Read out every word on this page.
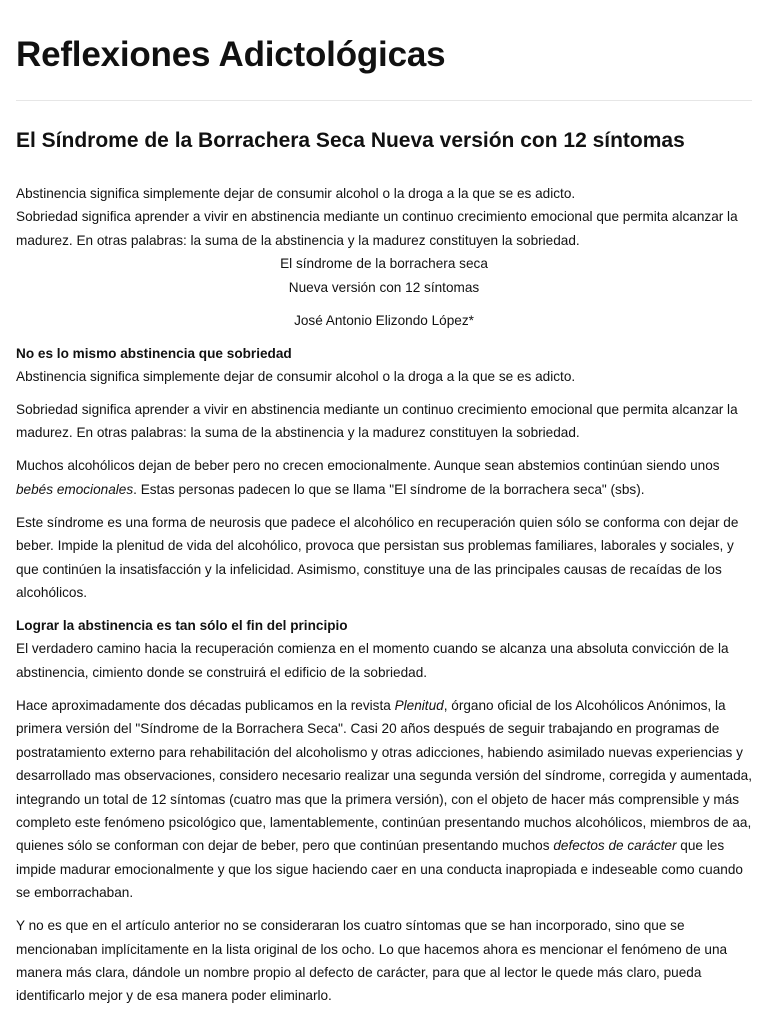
Reflexiones Adictológicas
El Síndrome de la Borrachera Seca Nueva versión con 12 síntomas

Abstinencia significa simplemente dejar de consumir alcohol o la droga a la que se es adicto.

Sobriedad significa aprender a vivir en abstinencia mediante un continuo crecimiento emocional que permita alcanzar la madurez. En otras palabras: la suma de la abstinencia y la madurez constituyen la sobriedad.

El síndrome de la borrachera seca

Nueva versión con 12 síntomas

José Antonio Elizondo López*

No es lo mismo abstinencia que sobriedad

Abstinencia significa simplemente dejar de consumir alcohol o la droga a la que se es adicto.

Sobriedad significa aprender a vivir en abstinencia mediante un continuo crecimiento emocional que permita alcanzar la madurez. En otras palabras: la suma de la abstinencia y la madurez constituyen la sobriedad.

Muchos alcohólicos dejan de beber pero no crecen emocionalmente. Aunque sean abstemios continúan siendo unos bebés emocionales. Estas personas padecen lo que se llama "El síndrome de la borrachera seca" (sbs).

Este síndrome es una forma de neurosis que padece el alcohólico en recuperación quien sólo se conforma con dejar de beber. Impide la plenitud de vida del alcohólico, provoca que persistan sus problemas familiares, laborales y sociales, y que continúen la insatisfacción y la infelicidad. Asimismo, constituye una de las principales causas de recaídas de los alcohólicos.

Lograr la abstinencia es tan sólo el fin del principio

El verdadero camino hacia la recuperación comienza en el momento cuando se alcanza una absoluta convicción de la abstinencia, cimiento donde se construirá el edificio de la sobriedad.

Hace aproximadamente dos décadas publicamos en la revista Plenitud, órgano oficial de los Alcohólicos Anónimos, la primera versión del "Síndrome de la Borrachera Seca". Casi 20 años después de seguir trabajando en programas de postratamiento externo para rehabilitación del alcoholismo y otras adicciones, habiendo asimilado nuevas experiencias y desarrollado mas observaciones, considero necesario realizar una segunda versión del síndrome, corregida y aumentada, integrando un total de 12 síntomas (cuatro mas que la primera versión), con el objeto de hacer más comprensible y más completo este fenómeno psicológico que, lamentablemente, continúan presentando muchos alcohólicos, miembros de aa, quienes sólo se conforman con dejar de beber, pero que continúan presentando muchos defectos de carácter que les impide madurar emocionalmente y que los sigue haciendo caer en una conducta inapropiada e indeseable como cuando se emborrachaban.

Y no es que en el artículo anterior no se consideraran los cuatro síntomas que se han incorporado, sino que se mencionaban implícitamente en la lista original de los ocho. Lo que hacemos ahora es mencionar el fenómeno de una manera más clara, dándole un nombre propio al defecto de carácter, para que al lector le quede más claro, pueda identificarlo mejor y de esa manera poder eliminarlo.
